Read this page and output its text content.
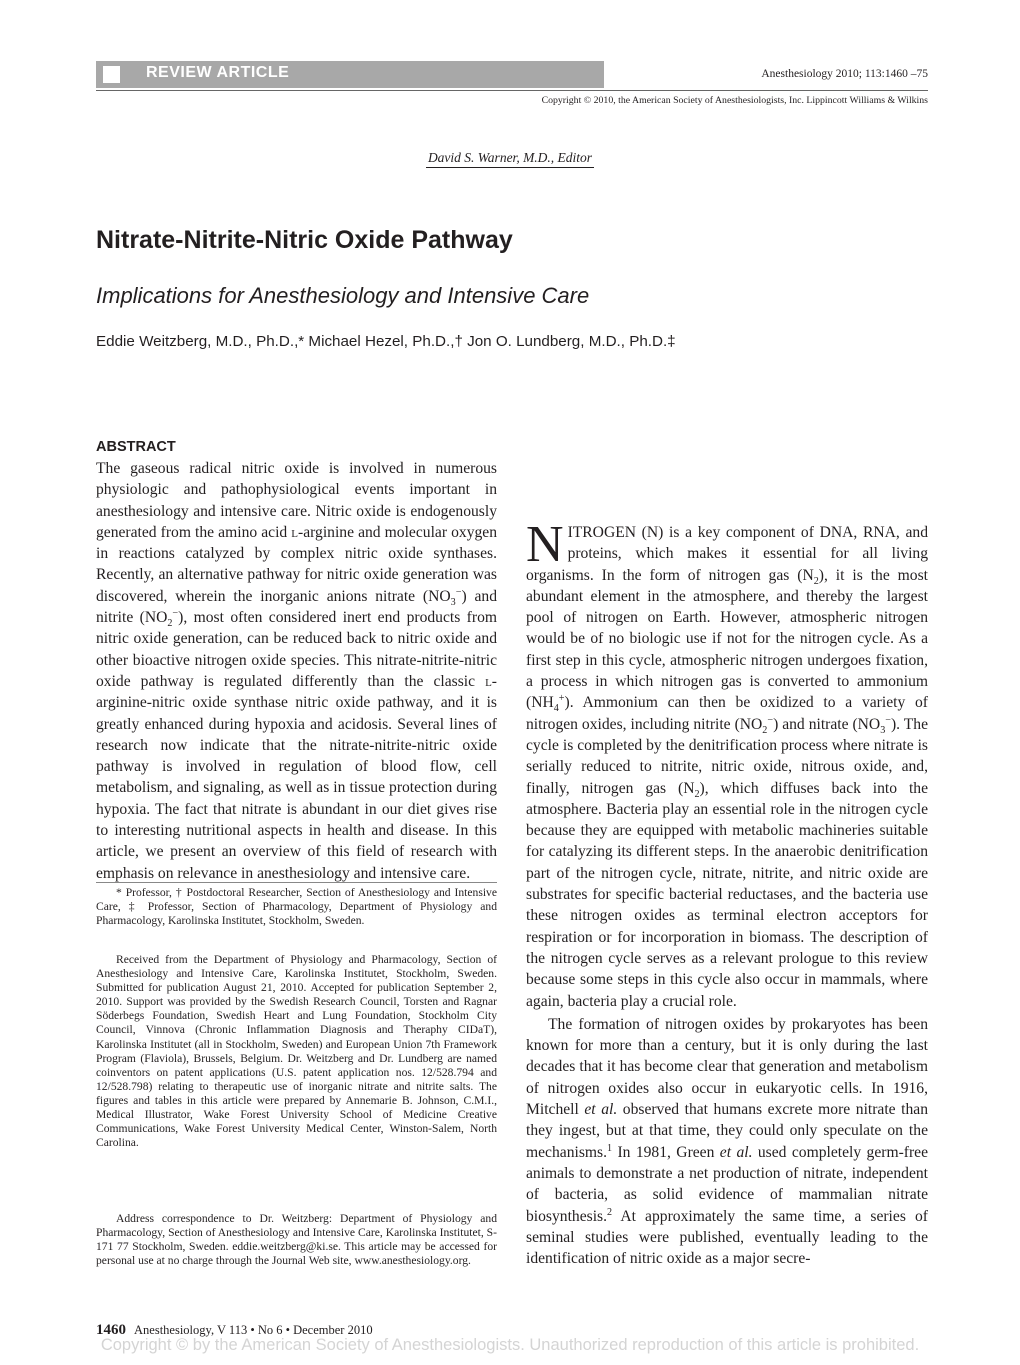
REVIEW ARTICLE	Anesthesiology 2010; 113:1460 –75
Copyright © 2010, the American Society of Anesthesiologists, Inc. Lippincott Williams & Wilkins
David S. Warner, M.D., Editor
Nitrate-Nitrite-Nitric Oxide Pathway
Implications for Anesthesiology and Intensive Care
Eddie Weitzberg, M.D., Ph.D.,* Michael Hezel, Ph.D.,† Jon O. Lundberg, M.D., Ph.D.‡
ABSTRACT

The gaseous radical nitric oxide is involved in numerous physiologic and pathophysiological events important in anesthesiology and intensive care. Nitric oxide is endogenously generated from the amino acid l-arginine and molecular oxygen in reactions catalyzed by complex nitric oxide synthases. Recently, an alternative pathway for nitric oxide generation was discovered, wherein the inorganic anions nitrate $(NO_3^-)$ and nitrite $(NO_2^-)$, most often considered inert end products from nitric oxide generation, can be reduced back to nitric oxide and other bioactive nitrogen oxide species. This nitrate-nitrite-nitric oxide pathway is regulated differently than the classic l-arginine-nitric oxide synthase nitric oxide pathway, and it is greatly enhanced during hypoxia and acidosis. Several lines of research now indicate that the nitrate-nitrite-nitric oxide pathway is involved in regulation of blood flow, cell metabolism, and signaling, as well as in tissue protection during hypoxia. The fact that nitrate is abundant in our diet gives rise to interesting nutritional aspects in health and disease. In this article, we present an overview of this field of research with emphasis on relevance in anesthesiology and intensive care.

* Professor, † Postdoctoral Researcher, Section of Anesthesiology and Intensive Care, ‡ Professor, Section of Pharmacology, Department of Physiology and Pharmacology, Karolinska Institutet, Stockholm, Sweden.

Received from the Department of Physiology and Pharmacology, Section of Anesthesiology and Intensive Care, Karolinska Institutet, Stockholm, Sweden. Submitted for publication August 21, 2010. Accepted for publication September 2, 2010. Support was provided by the Swedish Research Council, Torsten and Ragnar Söderbegs Foundation, Swedish Heart and Lung Foundation, Stockholm City Council, Vinnova (Chronic Inflammation Diagnosis and Theraphy CIDaT), Karolinska Institutet (all in Stockholm, Sweden) and European Union 7th Framework Program (Flaviola), Brussels, Belgium. Dr. Weitzberg and Dr. Lundberg are named coinventors on patent applications (U.S. patent application nos. 12/528.794 and 12/528.798) relating to therapeutic use of inorganic nitrate and nitrite salts. The figures and tables in this article were prepared by Annemarie B. Johnson, C.M.I., Medical Illustrator, Wake Forest University School of Medicine Creative Communications, Wake Forest University Medical Center, Winston-Salem, North Carolina.

Address correspondence to Dr. Weitzberg: Department of Physiology and Pharmacology, Section of Anesthesiology and Intensive Care, Karolinska Institutet, S-171 77 Stockholm, Sweden. eddie.weitzberg@ki.se. This article may be accessed for personal use at no charge through the Journal Web site, www.anesthesiology.org.

NITROGEN (N) is a key component of DNA, RNA, and proteins, which makes it essential for all living organisms. In the form of nitrogen gas $(N_2)$, it is the most abundant element in the atmosphere, and thereby the largest pool of nitrogen on Earth. However, atmospheric nitrogen would be of no biologic use if not for the nitrogen cycle. As a first step in this cycle, atmospheric nitrogen undergoes fixation, a process in which nitrogen gas is converted to ammonium $(NH_4^+)$. Ammonium can then be oxidized to a variety of nitrogen oxides, including nitrite $(NO_2^-)$ and nitrate $(NO_3^-)$. The cycle is completed by the denitrification process where nitrate is serially reduced to nitrite, nitric oxide, nitrous oxide, and, finally, nitrogen gas $(N_2)$, which diffuses back into the atmosphere. Bacteria play an essential role in the nitrogen cycle because they are equipped with metabolic machineries suitable for catalyzing its different steps. In the anaerobic denitrification part of the nitrogen cycle, nitrate, nitrite, and nitric oxide are substrates for specific bacterial reductases, and the bacteria use these nitrogen oxides as terminal electron acceptors for respiration or for incorporation in biomass. The description of the nitrogen cycle serves as a relevant prologue to this review because some steps in this cycle also occur in mammals, where again, bacteria play a crucial role.

The formation of nitrogen oxides by prokaryotes has been known for more than a century, but it is only during the last decades that it has become clear that generation and metabolism of nitrogen oxides also occur in eukaryotic cells. In 1916, Mitchell et al. observed that humans excrete more nitrate than they ingest, but at that time, they could only speculate on the mechanisms.$^1$ In 1981, Green et al. used completely germ-free animals to demonstrate a net production of nitrate, independent of bacteria, as solid evidence of mammalian nitrate biosynthesis.$^2$ At approximately the same time, a series of seminal studies were published, eventually leading to the identification of nitric oxide as a major secre-

1460 Anesthesiology, V 113 • No 6 • December 2010
Copyright © by the American Society of Anesthesiologists. Unauthorized reproduction of this article is prohibited.
